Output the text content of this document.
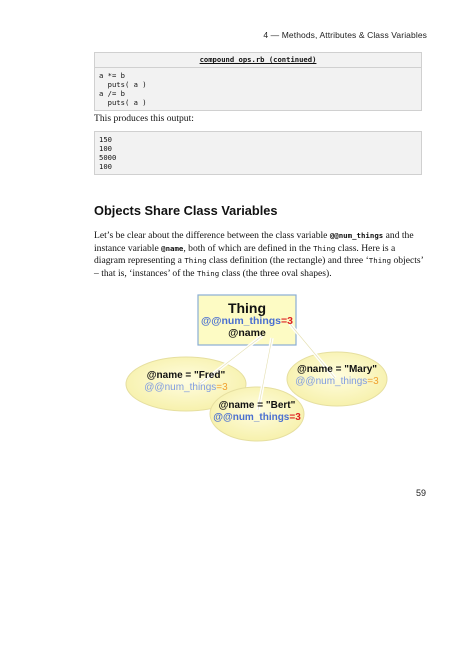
4 — Methods, Attributes & Class Variables
compound_ops.rb (continued)
a *= b
puts( a )
a /= b
puts( a )
This produces this output:
150
100
5000
100
Objects Share Class Variables
Let’s be clear about the difference between the class variable @@num_things and the instance variable @name, both of which are defined in the Thing class. Here is a diagram representing a Thing class definition (the rectangle) and three ‘Thing objects’ – that is, ‘instances’ of the Thing class (the three oval shapes).
Thing
@@num_things=3
@name
@name = "Fred"
@@num_things=3
@name = "Mary"
@@num_things=3
@name = "Bert"
@@num_things=3
59
